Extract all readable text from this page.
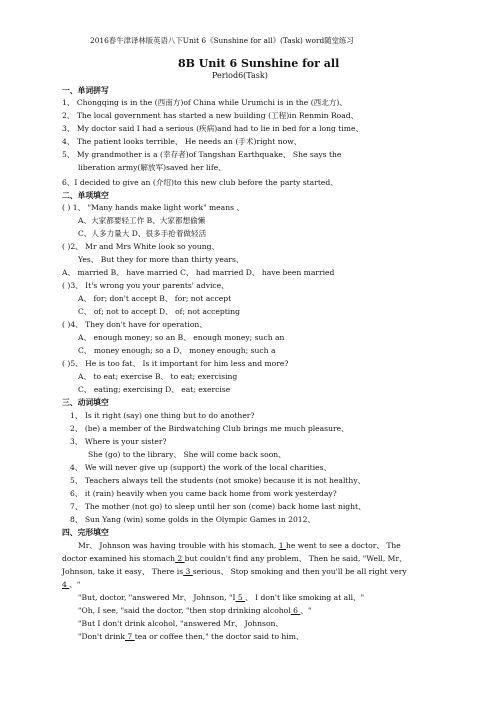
2016春牛津译林版英语八下Unit 6《Sunshine for all》(Task) word随堂练习
8B Unit 6 Sunshine for all
Period6(Task)
一、单词拼写
1、 Chongqing is in the (西南方)of China while Urumchi is in the (西北方)、
2、 The local government has started a new building (工程)in Renmin Road、
3、 My doctor said I had a serious (疾病)and had to lie in bed for a long time、
4、 The patient looks terrible、 He needs an (手术)right now、
5、 My grandmother is a (幸存者)of Tangshan Earthquake、 She says the
liberation army(解放军)saved her life、
6、I decided to give an (介绍)to this new club before the party started、
二、单项填空
( ) 1、 "Many hands make light work" means 、
A、大家都要轻工作 B、大家都想偷懒
C、人多力量大 D、很多手抢着做轻活
( )2、 Mr and Mrs White look so young、
Yes、 But they for more than thirty years、
A、 married B、 have married C、 had married D、 have been married
( )3、 It's wrong you your parents' advice、
A、 for; don't accept B、 for; not accept
C、 of; not to accept D、 of; not accepting
( )4、 They don't have for operation、
A、 enough money; so an B、 enough money; such an
C、 money enough; so a D、 money enough; such a
( )5、 He is too fat、 Is it important for him less and more?
A、 to eat; exercise B、 to eat; exercising
C、 eating; exercising D、 eat; exercise
三、动词填空
1、 Is it right (say) one thing but to do another?
2、 (be) a member of the Birdwatching Club brings me much pleasure、
3、 Where is your sister?
She (go) to the library、 She will come back soon、
4、 We will never give up (support) the work of the local charities、
5、 Teachers always tell the students (not smoke) because it is not healthy、
6、 it (rain) heavily when you came back home from work yesterday?
7、 The mother (not go) to sleep until her son (come) back home last night、
8、 Sun Yang (win) some golds in the Olympic Games in 2012、
四、完形填空
Mr、 Johnson was having trouble with his stomach, 1 he went to see a doctor、 The
doctor examined his stomach 2 but couldn't find any problem、 Then he said, "Well, Mr、
Johnson, take it easy、 There is 3 serious、 Stop smoking and then you'll be all right very
4 、"
"But, doctor, "answered Mr、 Johnson, "I 5 、 I don't like smoking at all、"
"Oh, I see, "said the doctor, "then stop drinking alcohol 6 、"
"But I don't drink alcohol, "answered Mr、 Johnson、
"Don't drink 7 tea or coffee then," the doctor said to him、
